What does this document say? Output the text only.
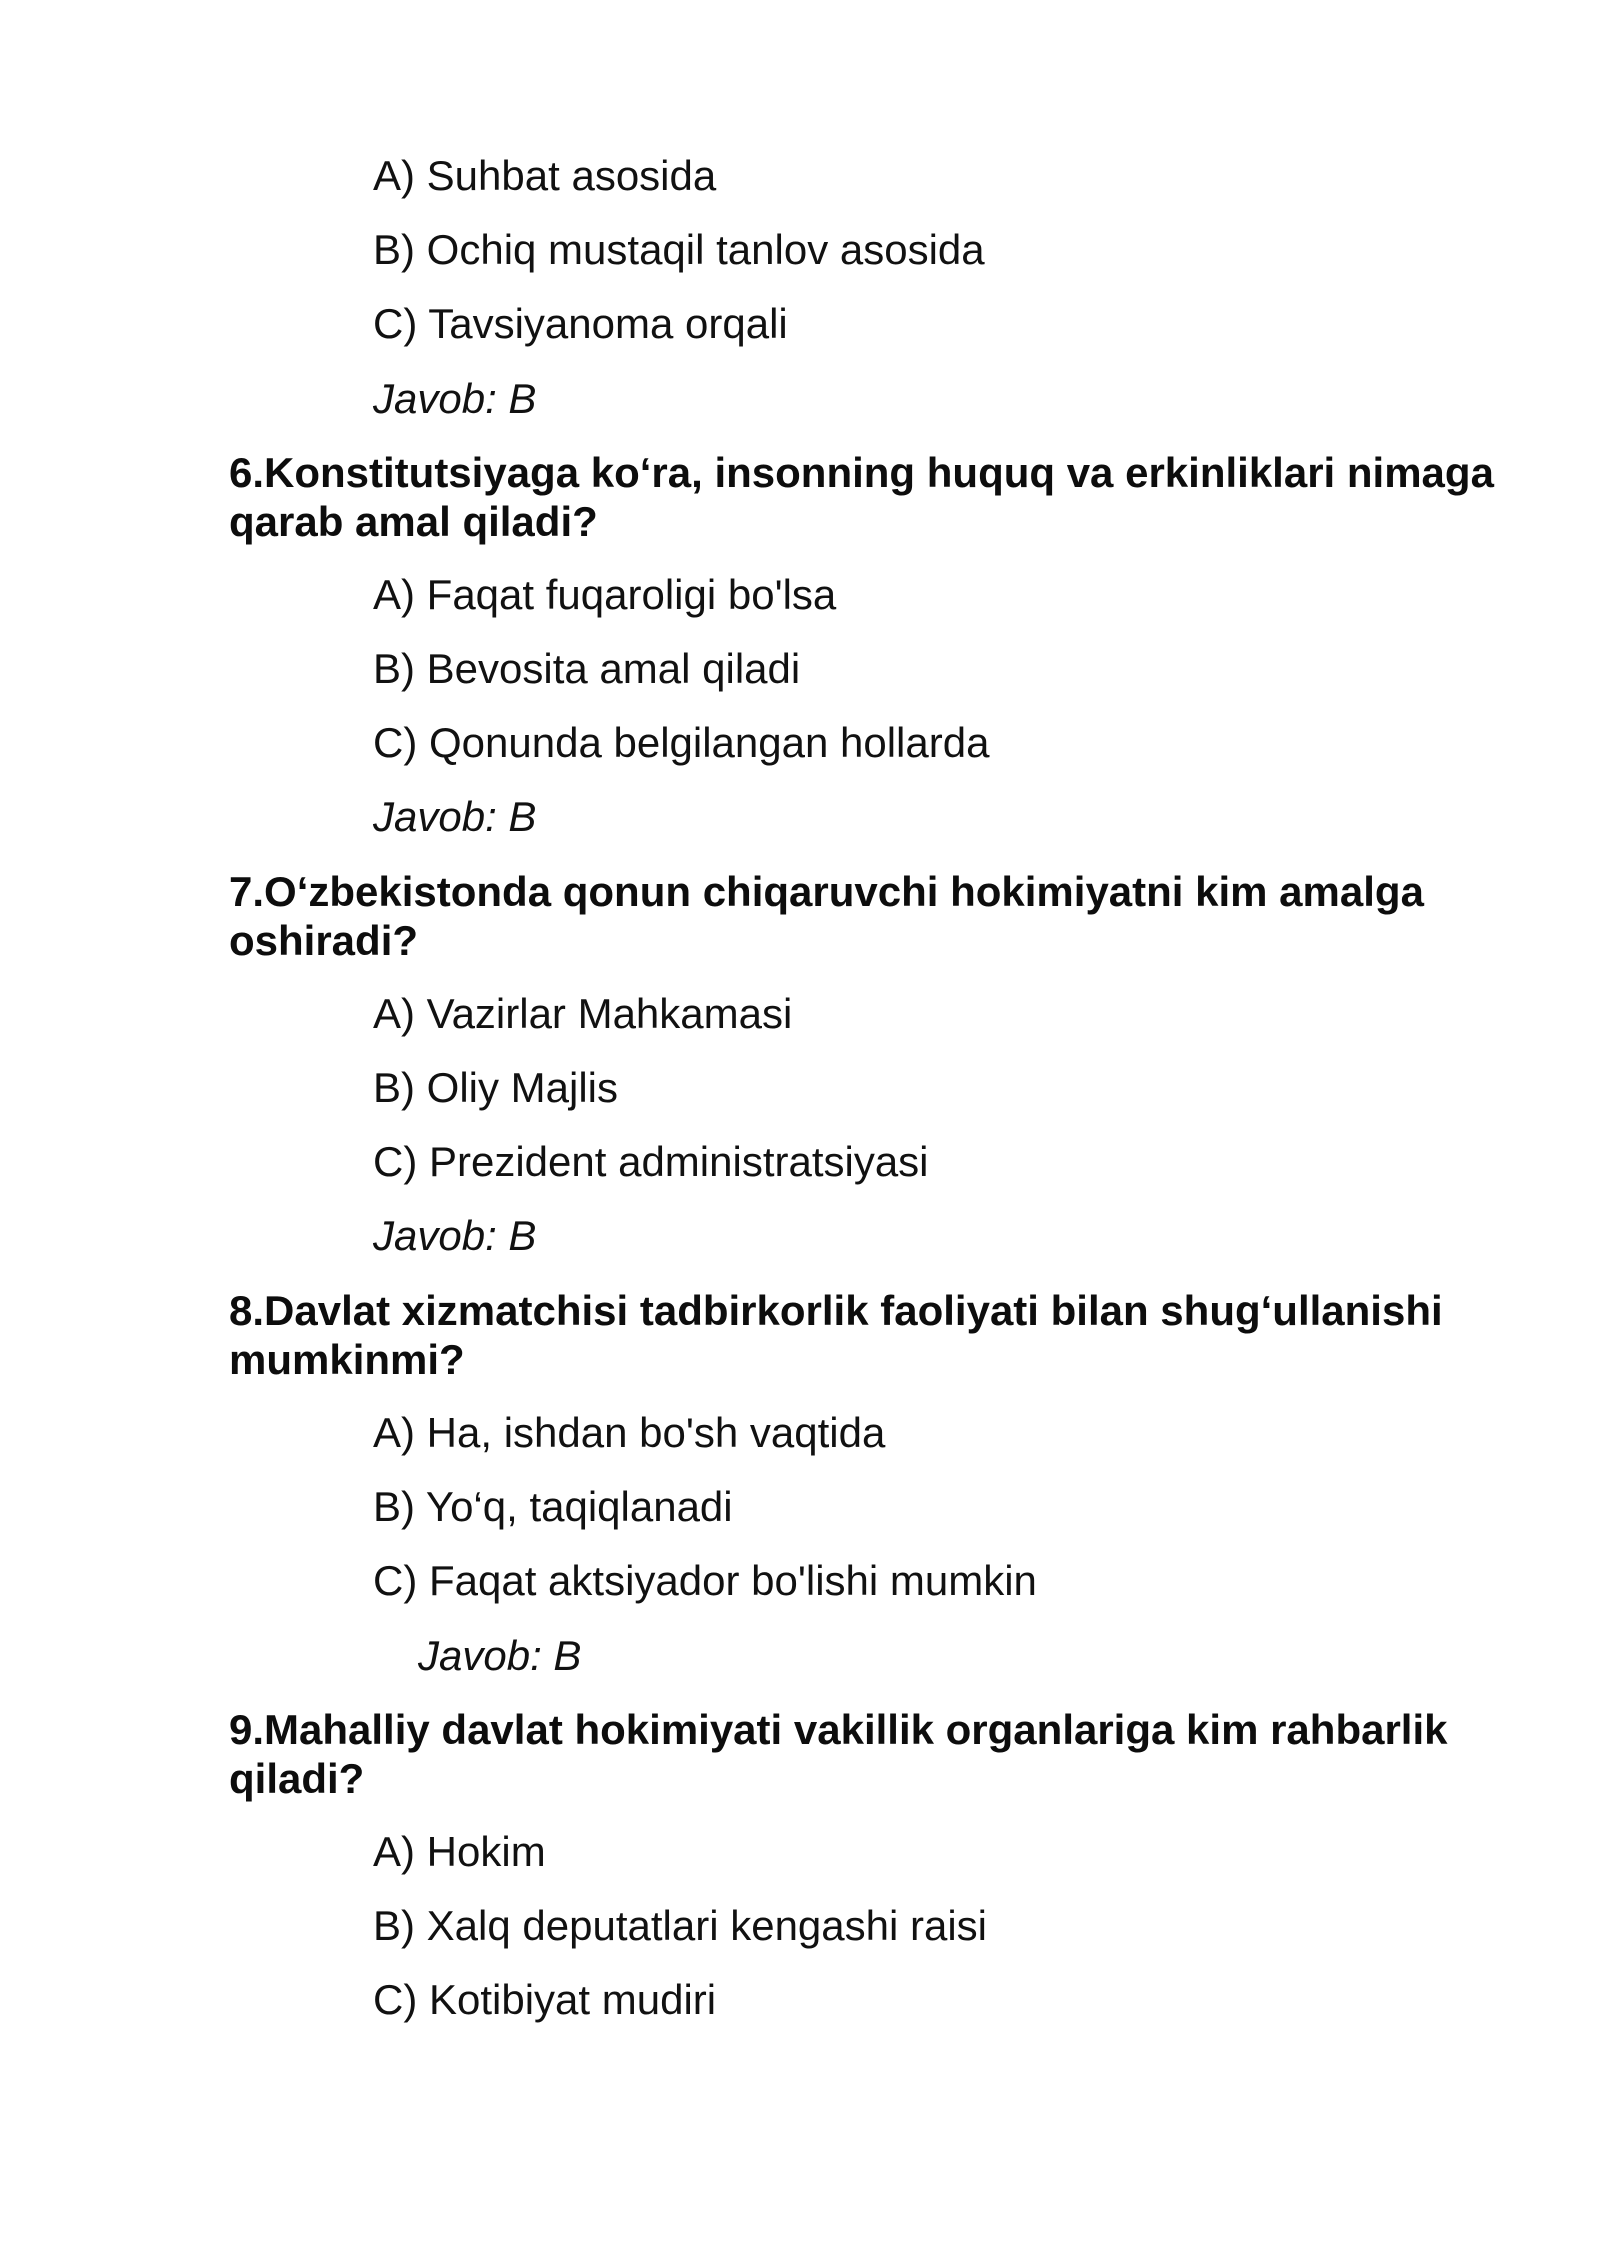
A) Suhbat asosida
B) Ochiq mustaqil tanlov asosida
C) Tavsiyanoma orqali
Javob: B
6.Konstitutsiyaga ko‘ra, insonning huquq va erkinliklari nimaga qarab amal qiladi?
A) Faqat fuqaroligi bo'lsa
B) Bevosita amal qiladi
C) Qonunda belgilangan hollarda
Javob: B
7.O‘zbekistonda qonun chiqaruvchi hokimiyatni kim amalga oshiradi?
A) Vazirlar Mahkamasi
B) Oliy Majlis
C) Prezident administratsiyasi
Javob: B
8.Davlat xizmatchisi tadbirkorlik faoliyati bilan shug‘ullanishi mumkinmi?
A) Ha, ishdan bo'sh vaqtida
B) Yo‘q, taqiqlanadi
C) Faqat aktsiyador bo'lishi mumkin
Javob: B
9.Mahalliy davlat hokimiyati vakillik organlariga kim rahbarlik qiladi?
A) Hokim
B) Xalq deputatlari kengashi raisi
C) Kotibiyat mudiri
